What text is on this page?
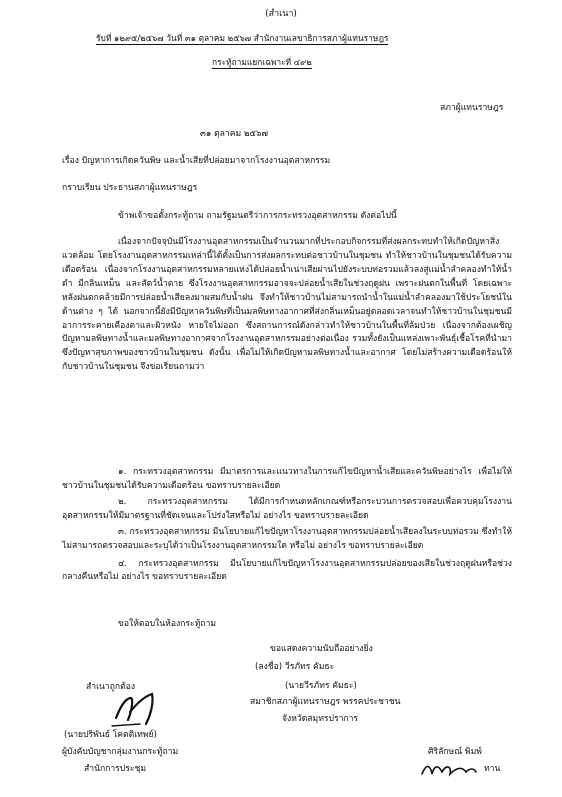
(สำเนา)
รับที่ ๑๒๙๕/๒๕๖๗ วันที่ ๓๑ ตุลาคม ๒๕๖๗ สำนักงานเลขาธิการสภาผู้แทนราษฎร
กระทู้ถามแยกเฉพาะที่ ๔๙๒
สภาผู้แทนราษฎร
๓๑ ตุลาคม ๒๕๖๗
เรื่อง ปัญหาการเกิดควันพิษ และน้ำเสียที่ปล่อยมาจากโรงงานอุตสาหกรรม
กราบเรียน ประธานสภาผู้แทนราษฎร
ข้าพเจ้าขอตั้งกระทู้ถาม ถามรัฐมนตรีว่าการกระทรวงอุตสาหกรรม ดังต่อไปนี้

เนื่องจากปัจจุบันมีโรงงานอุตสาหกรรมเป็นจำนวนมากที่ประกอบกิจกรรมที่ส่งผลกระทบทำให้เกิดปัญหาสิ่งแวดล้อม โดยโรงงานอุตสาหกรรมเหล่านี้ได้ตั้งเป็นการส่งผลกระทบต่อชาวบ้านในชุมชน ทำให้ชาวบ้านในชุมชนได้รับความเดือดร้อน เนื่องจากโรงงานอุตสาหกรรมหลายแห่งได้ปล่อยน้ำเน่าเสียผ่านไปยังระบบท่อรวมแล้วลงสู่แม่น้ำลำคลองทำให้น้ำดำ มีกลิ่นเหม็น และสัตว์น้ำตาย ซึ่งโรงงานอุตสาหกรรมอาจจะปล่อยน้ำเสียในช่วงฤดูฝน เพราะฝนตกในพื้นที่ โดยเฉพาะหลังฝนตกคล้ายมีการปล่อยน้ำเสียลงมาผสมกับน้ำฝน จึงทำให้ชาวบ้านไม่สามารถนำน้ำในแม่น้ำลำคลองมาใช้ประโยชน์ในด้านต่าง ๆ ได้ นอกจากนี้ยังมีปัญหาควันพิษที่เป็นมลพิษทางอากาศที่ส่งกลิ่นเหม็นอยู่ตลอดเวลาจนทำให้ชาวบ้านในชุมชนมีอาการระคายเคืองตาและผิวหนัง หายใจไม่ออก ซึ่งสถานการณ์ดังกล่าวทำให้ชาวบ้านในพื้นที่ล้มป่วย เนื่องจากต้องเผชิญปัญหามลพิษทางน้ำและมลพิษทางอากาศจากโรงงานอุตสาหกรรมอย่างต่อเนื่อง รวมทั้งยังเป็นแหล่งเพาะพันธุ์เชื้อโรคที่นำมาซึ่งปัญหาสุขภาพของชาวบ้านในชุมชน ดังนั้น เพื่อไม่ให้เกิดปัญหามลพิษทางน้ำและอากาศ โดยไม่สร้างความเดือดร้อนให้กับชาวบ้านในชุมชน จึงขอเรียนถามว่า

๑. กระทรวงอุตสาหกรรม มีมาตรการและแนวทางในการแก้ไขปัญหาน้ำเสียและควันพิษอย่างไร เพื่อไม่ให้ชาวบ้านในชุมชนได้รับความเดือดร้อน ขอทราบรายละเอียด

๒. กระทรวงอุตสาหกรรม ได้มีการกำหนดหลักเกณฑ์หรือกระบวนการตรวจสอบเพื่อควบคุมโรงงานอุตสาหกรรมให้มีมาตรฐานที่ชัดเจนและโปร่งใสหรือไม่ อย่างไร ขอทราบรายละเอียด

๓. กระทรวงอุตสาหกรรม มีนโยบายแก้ไขปัญหาโรงงานอุตสาหกรรมปล่อยน้ำเสียลงในระบบท่อรวม ซึ่งทำให้ไม่สามารถตรวจสอบและระบุได้ว่าเป็นโรงงานอุตสาหกรรมใด หรือไม่ อย่างไร ขอทราบรายละเอียด

๔. กระทรวงอุตสาหกรรม มีนโยบายแก้ไขปัญหาโรงงานอุตสาหกรรมปล่อยของเสียในช่วงฤดูฝนหรือช่วงกลางคืนหรือไม่ อย่างไร ขอทราบรายละเอียด

ขอให้ตอบในห้องกระทู้ถาม
ขอแสดงความนับถืออย่างยิ่ง
(ลงชื่อ) วีรภัทร คัมธะ
(นายวีรภัทร คัมธะ)
สมาชิกสภาผู้แทนราษฎร พรรคประชาชน
จังหวัดสมุทรปราการ
สำเนาถูกต้อง
(นายปริพันธ์ โคตติเทพย์)
ผู้บังคับบัญชากลุ่มงานกระทู้ถาม
สำนักการประชุม
ศิริลักษณ์ พิมพ์
ทาน
